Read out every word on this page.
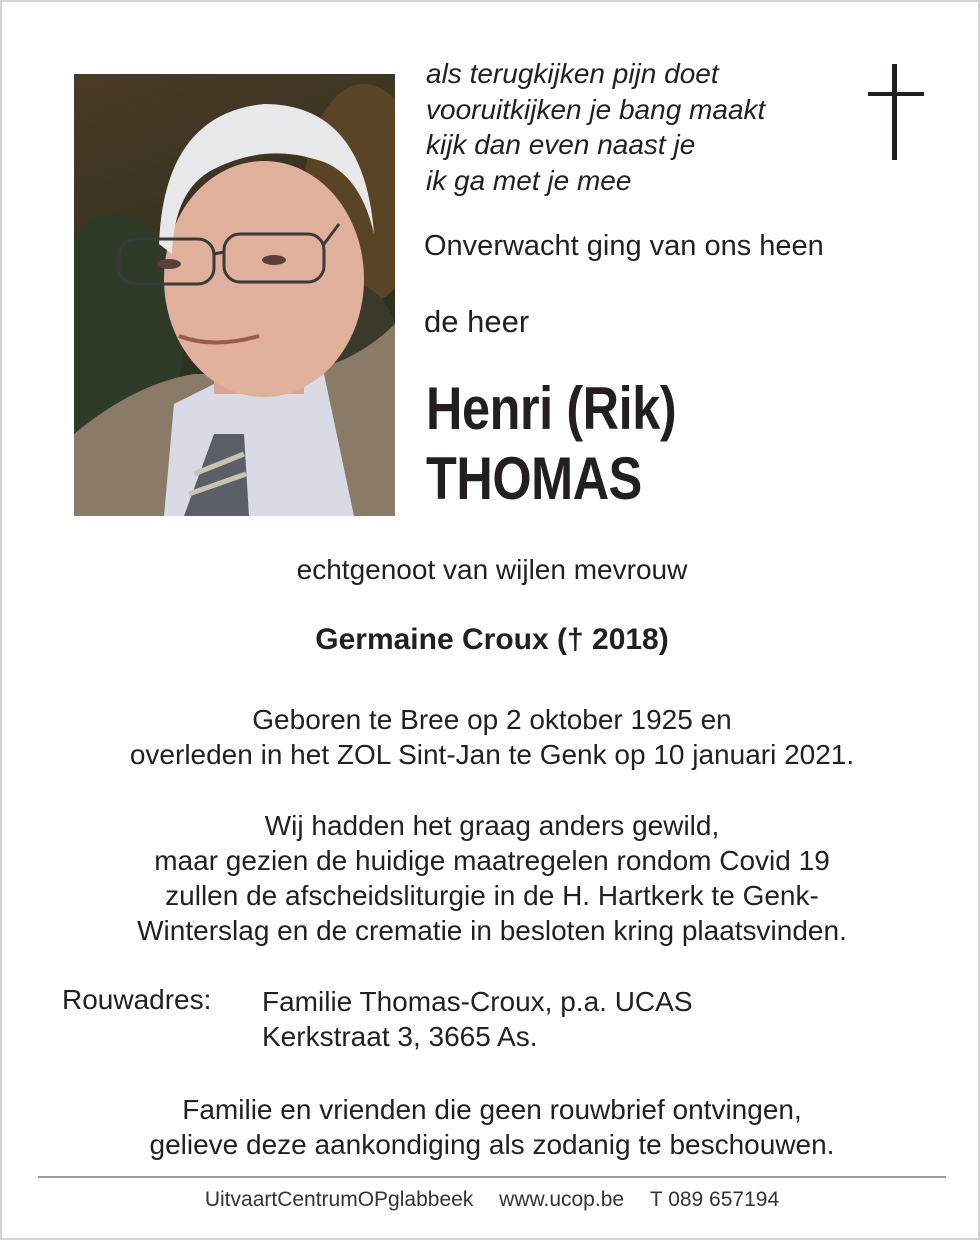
als terugkijken pijn doet
vooruitkijken je bang maakt
kijk dan even naast je
ik ga met je mee
Onverwacht ging van ons heen
de heer
Henri (Rik)
THOMAS
echtgenoot van wijlen mevrouw
Germaine Croux († 2018)
Geboren te Bree op 2 oktober 1925 en
overleden in het ZOL Sint-Jan te Genk op 10 januari 2021.
Wij hadden het graag anders gewild,
maar gezien de huidige maatregelen rondom Covid 19
zullen de afscheidsliturgie in de H. Hartkerk te Genk-
Winterslag en de crematie in besloten kring plaatsvinden.
Rouwadres: Familie Thomas-Croux, p.a. UCAS
Kerkstraat 3, 3665 As.
Familie en vrienden die geen rouwbrief ontvingen,
gelieve deze aankondiging als zodanig te beschouwen.
UitvaartCentrumOPglabbeek www.ucop.be T 089 657194
